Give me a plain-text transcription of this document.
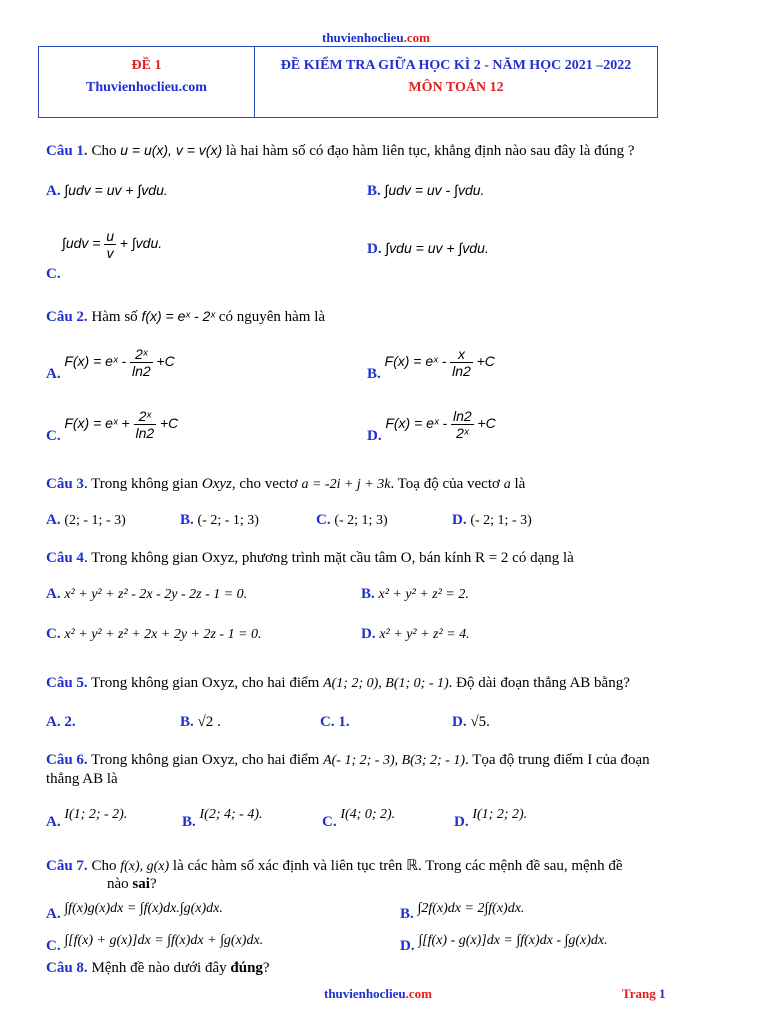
thuvienhoclieu.com
ĐỀ 1
Thuvienhoclieu.com
ĐỀ KIỂM TRA GIỮA HỌC KÌ 2 - NĂM HỌC 2021 –2022
MÔN TOÁN 12
Câu 1. Cho u = u(x), v = v(x) là hai hàm số có đạo hàm liên tục, khẳng định nào sau đây là đúng ?
A. ∫udv = uv + ∫vdu.	B. ∫udv = uv - ∫vdu.
$\int udv = \frac{u}{v} + \int vdu$.
C.
D. ∫vdu = uv + ∫vdu.
Câu 2. Hàm số f(x) = eˣ - 2ˣ có nguyên hàm là
A. F(x) = eˣ - $\frac{\text{2ˣ}}{\ln 2} +C$
B. F(x) = eˣ - $\frac{x}{\ln 2} +C$
C. F(x) = eˣ + $\frac{\text{2ˣ}}{\ln 2} +C$
D. F(x) = eˣ - $\frac{\ln 2}{\text{2ˣ}} +C$
Câu 3. Trong không gian Oxyz, cho vectơ a = -2i + j + 3k. Toạ độ của vectơ a là
A. (2; - 1; - 3)	B. (- 2; - 1; 3)	C. (- 2; 1; 3)	D. (- 2; 1; - 3)
Câu 4. Trong không gian Oxyz, phương trình mặt cầu tâm O, bán kính R = 2 có dạng là
A. x² + y² + z² - 2x - 2y - 2z - 1 = 0.	B. x² + y² + z² = 2.
C. x² + y² + z² + 2x + 2y + 2z - 1 = 0.	D. x² + y² + z² = 4.
Câu 5. Trong không gian Oxyz, cho hai điểm A(1; 2; 0), B(1; 0; - 1). Độ dài đoạn thẳng AB bằng?
A. 2.	B. √2 .	C. 1.	D. √5.
Câu 6. Trong không gian Oxyz, cho hai điểm A(- 1; 2; - 3), B(3; 2; - 1). Tọa độ trung điểm I của đoạn
thẳng AB là
A. I(1; 2; - 2).	B. I(2; 4; - 4).	C. I(4; 0; 2).	D. I(1; 2; 2).
Câu 7. Cho f(x), g(x) là các hàm số xác định và liên tục trên ℝ. Trong các mệnh đề sau, mệnh đề
nào sai?
A. ∫f(x)g(x)dx = ∫f(x)dx.∫g(x)dx.	B. ∫2f(x)dx = 2∫f(x)dx.
C. ∫[f(x) + g(x)]dx = ∫f(x)dx + ∫g(x)dx.	D. ∫[f(x) - g(x)]dx = ∫f(x)dx - ∫g(x)dx.
Câu 8. Mệnh đề nào dưới đây đúng?
thuvienhoclieu.com	Trang 1
